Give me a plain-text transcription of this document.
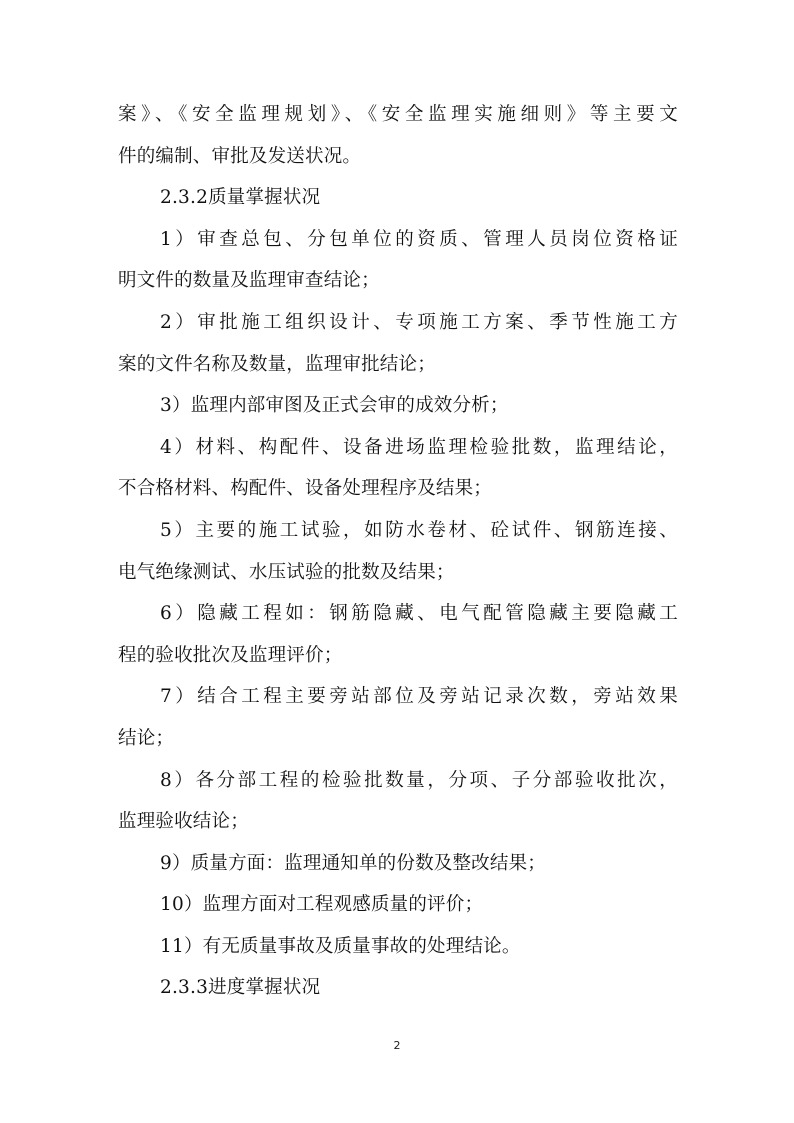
案》、《安全监理规划》、《安全监理实施细则》等主要文
件的编制、审批及发送状况。
2.3.2质量掌握状况
1）审查总包、分包单位的资质、管理人员岗位资格证
明文件的数量及监理审查结论；
2）审批施工组织设计、专项施工方案、季节性施工方
案的文件名称及数量，监理审批结论；
3）监理内部审图及正式会审的成效分析；
4）材料、构配件、设备进场监理检验批数，监理结论，
不合格材料、构配件、设备处理程序及结果；
5）主要的施工试验，如防水卷材、砼试件、钢筋连接、
电气绝缘测试、水压试验的批数及结果；
6）隐藏工程如：钢筋隐藏、电气配管隐藏主要隐藏工
程的验收批次及监理评价；
7）结合工程主要旁站部位及旁站记录次数，旁站效果
结论；
8）各分部工程的检验批数量，分项、子分部验收批次，
监理验收结论；
9）质量方面：监理通知单的份数及整改结果；
10）监理方面对工程观感质量的评价；
11）有无质量事故及质量事故的处理结论。
2.3.3进度掌握状况
2
